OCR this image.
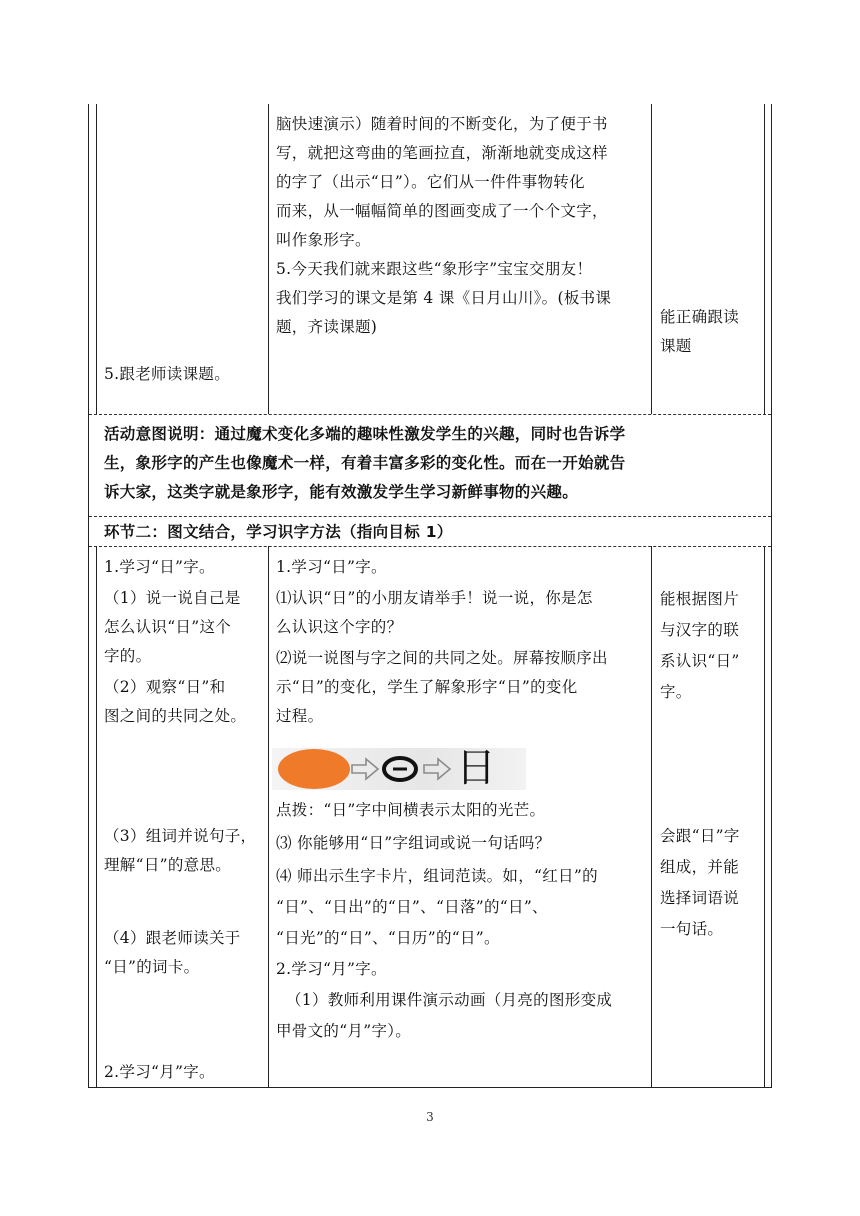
5.跟老师读课题。

脑快速演示）随着时间的不断变化，为了便于书

写，就把这弯曲的笔画拉直，渐渐地就变成这样

的字了（出示“日”）。它们从一件件事物转化

而来，从一幅幅简单的图画变成了一个个文字，

叫作象形字。

5.今天我们就来跟这些“象形字”宝宝交朋友！

我们学习的课文是第 4 课《日月山川》。(板书课

题，齐读课题)

能正确跟读

课题

活动意图说明：通过魔术变化多端的趣味性激发学生的兴趣，同时也告诉学

生，象形字的产生也像魔术一样，有着丰富多彩的变化性。而在一开始就告

诉大家，这类字就是象形字，能有效激发学生学习新鲜事物的兴趣。

环节二：图文结合，学习识字方法（指向目标 1）

1.学习“日”字。

（1）说一说自己是

怎么认识“日”这个

字的。

（2）观察“日”和

图之间的共同之处。

（3）组词并说句子，

理解“日”的意思。

（4）跟老师读关于

“日”的词卡。

2.学习“月”字。

1.学习“日”字。

⑴认识“日”的小朋友请举手！说一说，你是怎

么认识这个字的？

⑵说一说图与字之间的共同之处。屏幕按顺序出

示“日”的变化，学生了解象形字“日”的变化

过程。

日

点拨：“日”字中间横表示太阳的光芒。

⑶ 你能够用“日”字组词或说一句话吗？

⑷ 师出示生字卡片，组词范读。如，“红日”的

“日”、“日出”的“日”、“日落”的“日”、

“日光”的“日”、“日历”的“日”。

2.学习“月”字。

（1）教师利用课件演示动画（月亮的图形变成

甲骨文的“月”字）。

能根据图片

与汉字的联

系认识“日”

字。

会跟“日”字

组成，并能

选择词语说

一句话。

3
